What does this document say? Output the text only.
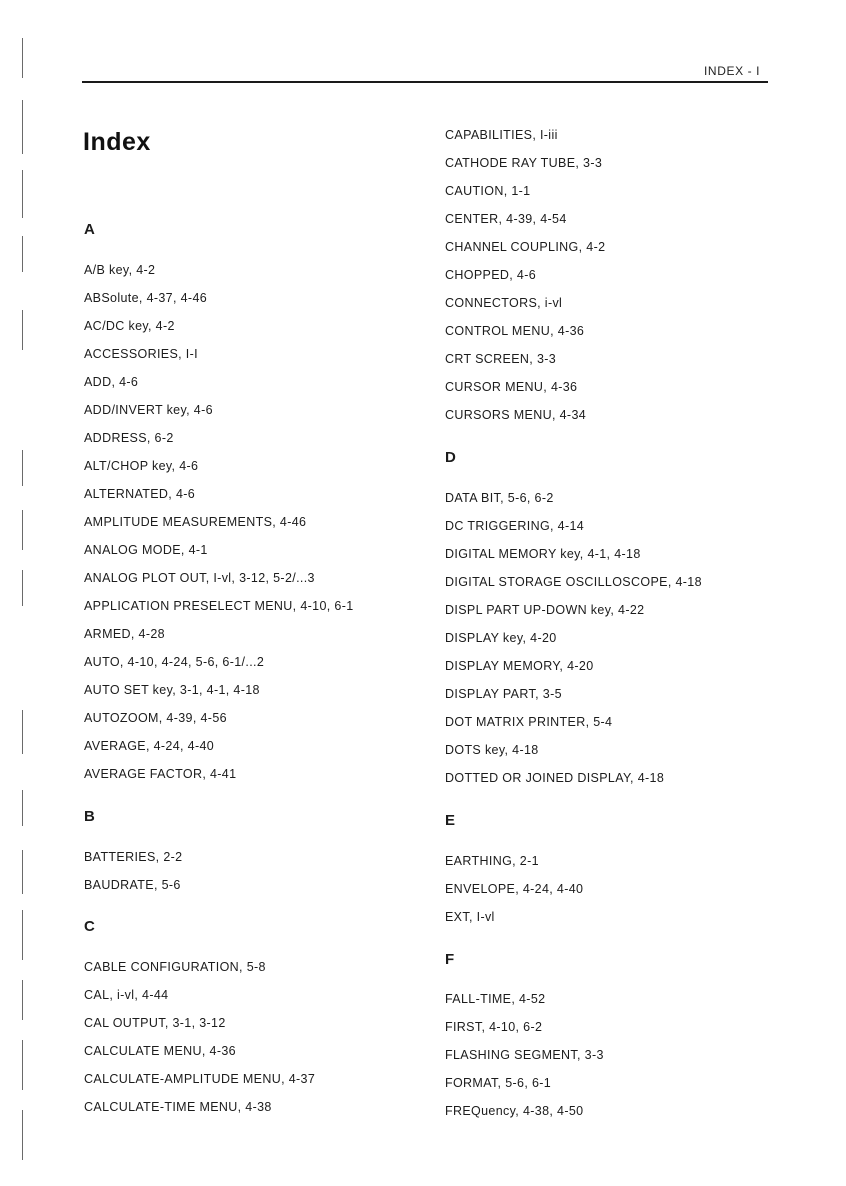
INDEX - I
Index
A
A/B key, 4-2
ABSolute, 4-37, 4-46
AC/DC key, 4-2
ACCESSORIES, I-I
ADD, 4-6
ADD/INVERT key, 4-6
ADDRESS, 6-2
ALT/CHOP key, 4-6
ALTERNATED, 4-6
AMPLITUDE MEASUREMENTS, 4-46
ANALOG MODE, 4-1
ANALOG PLOT OUT, I-vl, 3-12, 5-2/...3
APPLICATION PRESELECT MENU, 4-10, 6-1
ARMED, 4-28
AUTO, 4-10, 4-24, 5-6, 6-1/...2
AUTO SET key, 3-1, 4-1, 4-18
AUTOZOOM, 4-39, 4-56
AVERAGE, 4-24, 4-40
AVERAGE FACTOR, 4-41
B
BATTERIES, 2-2
BAUDRATE, 5-6
C
CABLE CONFIGURATION, 5-8
CAL, i-vl, 4-44
CAL OUTPUT, 3-1, 3-12
CALCULATE MENU, 4-36
CALCULATE-AMPLITUDE MENU, 4-37
CALCULATE-TIME MENU, 4-38
CAPABILITIES, I-iii
CATHODE RAY TUBE, 3-3
CAUTION, 1-1
CENTER, 4-39, 4-54
CHANNEL COUPLING, 4-2
CHOPPED, 4-6
CONNECTORS, i-vl
CONTROL MENU, 4-36
CRT SCREEN, 3-3
CURSOR MENU, 4-36
CURSORS MENU, 4-34
D
DATA BIT, 5-6, 6-2
DC TRIGGERING, 4-14
DIGITAL MEMORY key, 4-1, 4-18
DIGITAL STORAGE OSCILLOSCOPE, 4-18
DISPL PART UP-DOWN key, 4-22
DISPLAY key, 4-20
DISPLAY MEMORY, 4-20
DISPLAY PART, 3-5
DOT MATRIX PRINTER, 5-4
DOTS key, 4-18
DOTTED OR JOINED DISPLAY, 4-18
E
EARTHING, 2-1
ENVELOPE, 4-24, 4-40
EXT, I-vl
F
FALL-TIME, 4-52
FIRST, 4-10, 6-2
FLASHING SEGMENT, 3-3
FORMAT, 5-6, 6-1
FREQuency, 4-38, 4-50
